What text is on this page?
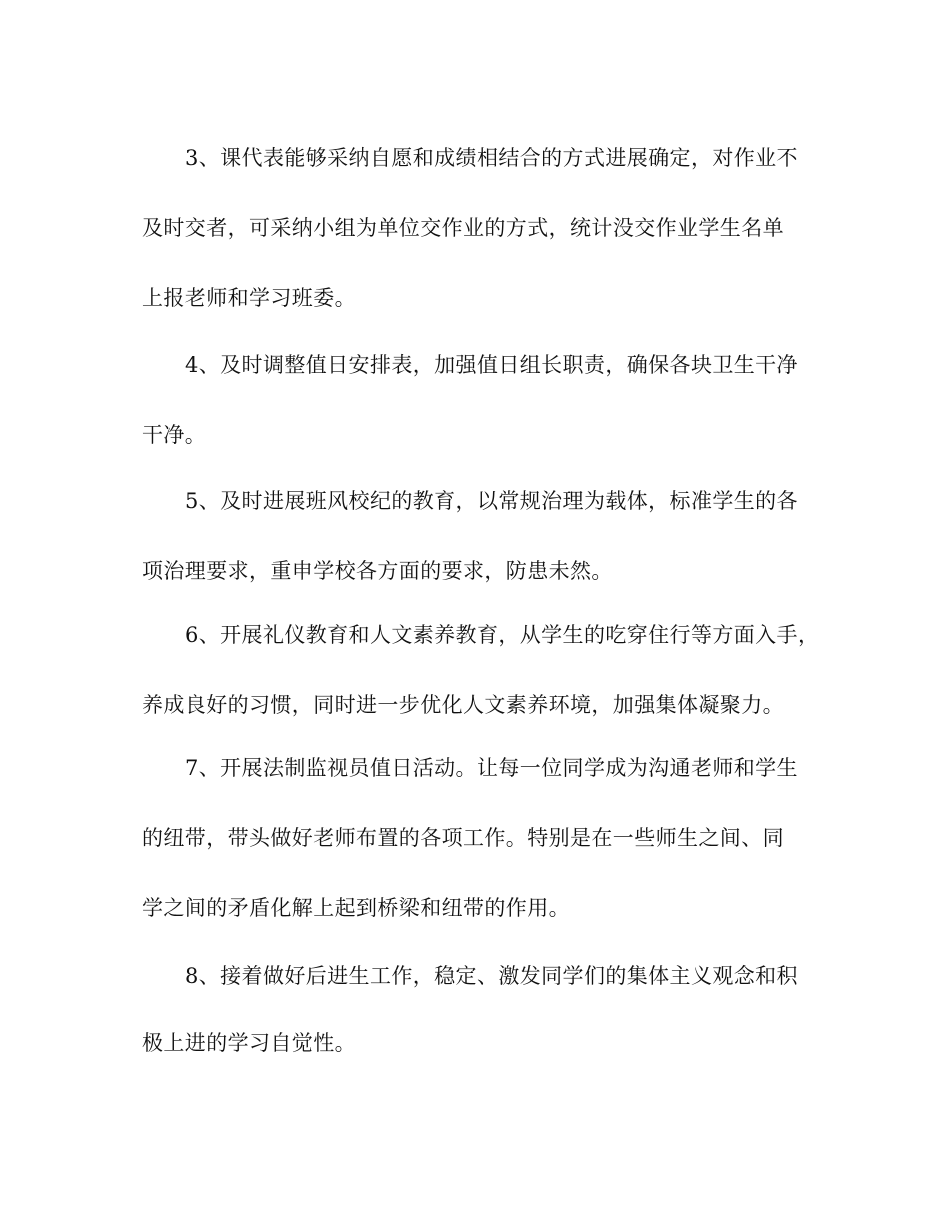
3、课代表能够采纳自愿和成绩相结合的方式进展确定，对作业不
及时交者，可采纳小组为单位交作业的方式，统计没交作业学生名单
上报老师和学习班委。
4、及时调整值日安排表，加强值日组长职责，确保各块卫生干净
干净。
5、及时进展班风校纪的教育，以常规治理为载体，标准学生的各
项治理要求，重申学校各方面的要求，防患未然。
6、开展礼仪教育和人文素养教育，从学生的吃穿住行等方面入手，
养成良好的习惯，同时进一步优化人文素养环境，加强集体凝聚力。
7、开展法制监视员值日活动。让每一位同学成为沟通老师和学生
的纽带，带头做好老师布置的各项工作。特别是在一些师生之间、同
学之间的矛盾化解上起到桥梁和纽带的作用。
8、接着做好后进生工作，稳定、激发同学们的集体主义观念和积
极上进的学习自觉性。
